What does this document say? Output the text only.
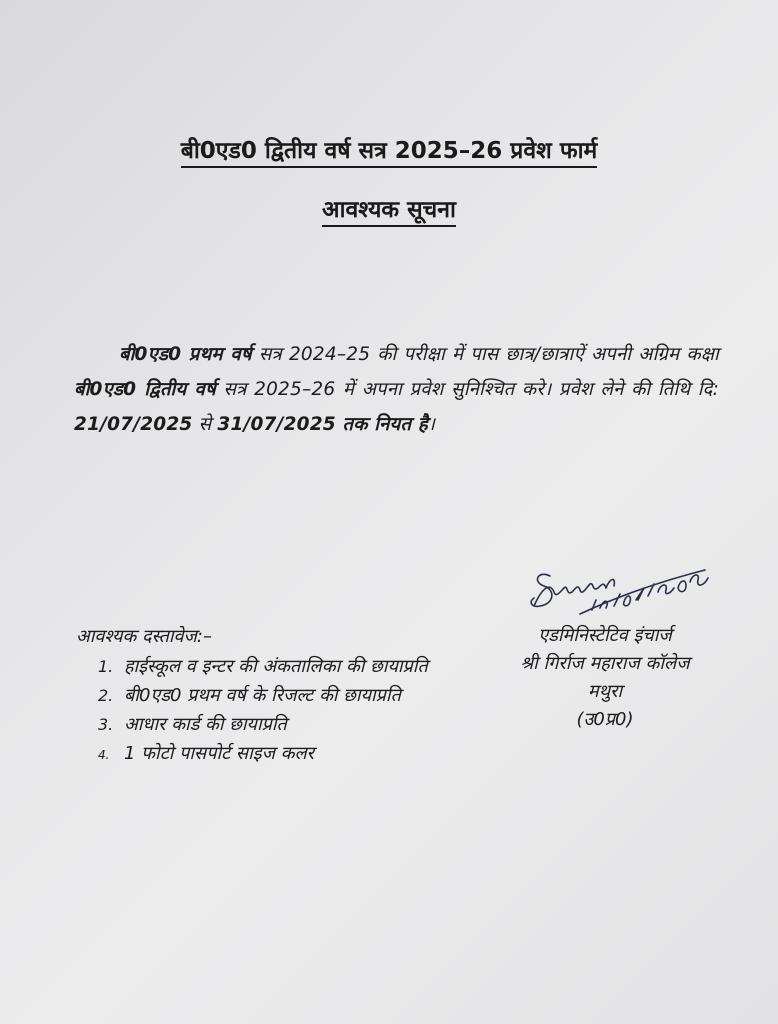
बी0एड0 द्वितीय वर्ष सत्र 2025–26 प्रवेश फार्म
आवश्यक सूचना

बी0एड0 प्रथम वर्ष सत्र 2024–25 की परीक्षा में पास छात्र/छात्राऐं अपनी अग्रिम कक्षा बी0एड0 द्वितीय वर्ष सत्र 2025–26 में अपना प्रवेश सुनिश्चित करे। प्रवेश लेने की तिथि दि: 21/07/2025 से 31/07/2025 तक नियत है।

आवश्यक दस्तावेज:–
1. हाईस्कूल व इन्टर की अंकतालिका की छायाप्रति
2. बी0एड0 प्रथम वर्ष के रिजल्ट की छायाप्रति
3. आधार कार्ड की छायाप्रति
4. 1 फोटो पासपोर्ट साइज कलर
एडमिनिस्टेटिव इंचार्ज
श्री गिर्राज महाराज कॉलेज
मथुरा
(उ0प्र0)
